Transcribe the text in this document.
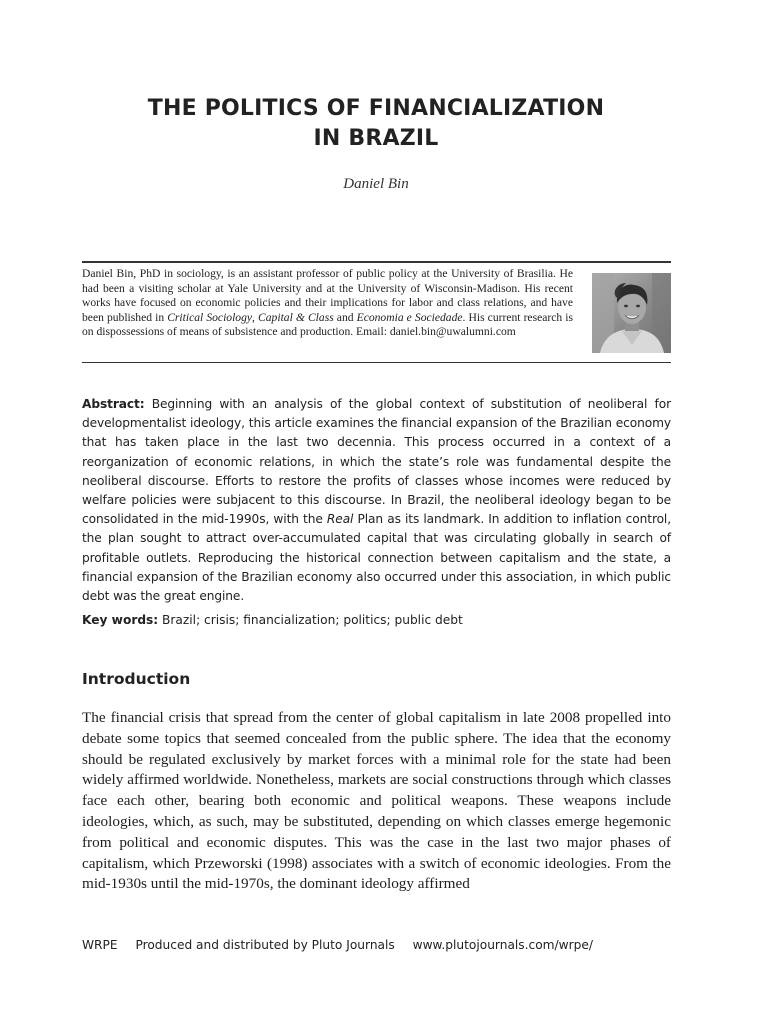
THE POLITICS OF FINANCIALIZATION
IN BRAZIL
Daniel Bin

Daniel Bin, PhD in sociology, is an assistant professor of public policy at the University of Brasilia. He had been a visiting scholar at Yale University and at the University of Wisconsin-Madison. His recent works have focused on economic policies and their implications for labor and class relations, and have been published in Critical Sociology, Capital & Class and Economia e Sociedade. His current research is on dispossessions of means of subsistence and production. Email: daniel.bin@uwalumni.com

Abstract: Beginning with an analysis of the global context of substitution of neoliberal for developmentalist ideology, this article examines the financial expansion of the Brazilian economy that has taken place in the last two decennia. This process occurred in a context of a reorganization of economic relations, in which the state’s role was fundamental despite the neoliberal discourse. Efforts to restore the profits of classes whose incomes were reduced by welfare policies were subjacent to this discourse. In Brazil, the neoliberal ideology began to be consolidated in the mid-1990s, with the Real Plan as its landmark. In addition to inflation control, the plan sought to attract over-accumulated capital that was circulating globally in search of profitable outlets. Reproducing the historical connection between capitalism and the state, a financial expansion of the Brazilian economy also occurred under this association, in which public debt was the great engine.

Key words: Brazil; crisis; financialization; politics; public debt

Introduction

The financial crisis that spread from the center of global capitalism in late 2008 propelled into debate some topics that seemed concealed from the public sphere. The idea that the economy should be regulated exclusively by market forces with a minimal role for the state had been widely affirmed worldwide. Nonetheless, markets are social constructions through which classes face each other, bearing both economic and political weapons. These weapons include ideologies, which, as such, may be substituted, depending on which classes emerge hegemonic from political and economic disputes. This was the case in the last two major phases of capitalism, which Przeworski (1998) associates with a switch of economic ideologies. From the mid-1930s until the mid-1970s, the dominant ideology affirmed

WRPE Produced and distributed by Pluto Journals www.plutojournals.com/wrpe/
